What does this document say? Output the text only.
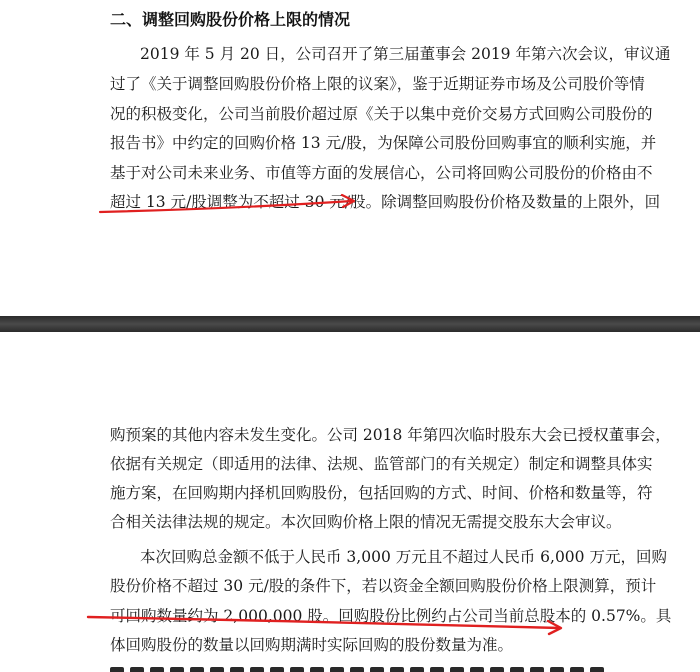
二、调整回购股份价格上限的情况
2019 年 5 月 20 日，公司召开了第三届董事会 2019 年第六次会议，审议通
过了《关于调整回购股份价格上限的议案》，鉴于近期证券市场及公司股价等情
况的积极变化，公司当前股价超过原《关于以集中竞价交易方式回购公司股份的
报告书》中约定的回购价格 13 元/股，为保障公司股份回购事宜的顺利实施，并
基于对公司未来业务、市值等方面的发展信心，公司将回购公司股份的价格由不
超过 13 元/股调整为不超过 30 元/股。除调整回购股份价格及数量的上限外，回
购预案的其他内容未发生变化。公司 2018 年第四次临时股东大会已授权董事会，
依据有关规定（即适用的法律、法规、监管部门的有关规定）制定和调整具体实
施方案，在回购期内择机回购股份，包括回购的方式、时间、价格和数量等，符
合相关法律法规的规定。本次回购价格上限的情况无需提交股东大会审议。
本次回购总金额不低于人民币 3,000 万元且不超过人民币 6,000 万元，回购
股份价格不超过 30 元/股的条件下，若以资金全额回购股份价格上限测算，预计
可回购数量约为 2,000,000 股。回购股份比例约占公司当前总股本的 0.57%。具
体回购股份的数量以回购期满时实际回购的股份数量为准。
